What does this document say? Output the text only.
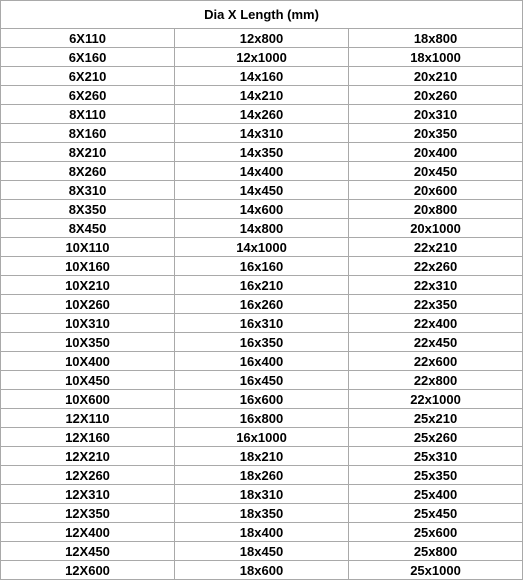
Dia X Length (mm)		
6X110	12x800	18x800
6X160	12x1000	18x1000
6X210	14x160	20x210
6X260	14x210	20x260
8X110	14x260	20x310
8X160	14x310	20x350
8X210	14x350	20x400
8X260	14x400	20x450
8X310	14x450	20x600
8X350	14x600	20x800
8X450	14x800	20x1000
10X110	14x1000	22x210
10X160	16x160	22x260
10X210	16x210	22x310
10X260	16x260	22x350
10X310	16x310	22x400
10X350	16x350	22x450
10X400	16x400	22x600
10X450	16x450	22x800
10X600	16x600	22x1000
12X110	16x800	25x210
12X160	16x1000	25x260
12X210	18x210	25x310
12X260	18x260	25x350
12X310	18x310	25x400
12X350	18x350	25x450
12X400	18x400	25x600
12X450	18x450	25x800
12X600	18x600	25x1000
